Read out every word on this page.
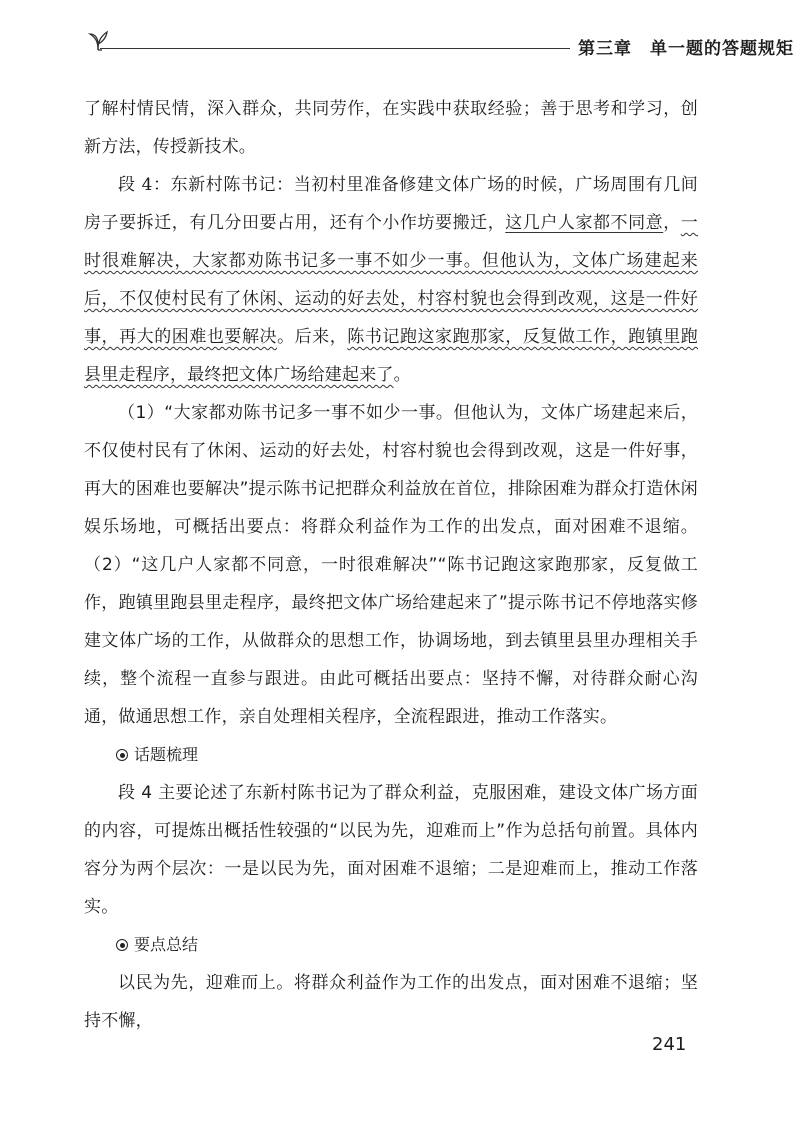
第三章　单一题的答题规矩

了解村情民情，深入群众，共同劳作，在实践中获取经验；善于思考和学习，创新方法，传授新技术。

段 4：东新村陈书记：当初村里准备修建文体广场的时候，广场周围有几间房子要拆迁，有几分田要占用，还有个小作坊要搬迁，这几户人家都不同意，一时很难解决，大家都劝陈书记多一事不如少一事。但他认为，文体广场建起来后，不仅使村民有了休闲、运动的好去处，村容村貌也会得到改观，这是一件好事，再大的困难也要解决。后来，陈书记跑这家跑那家，反复做工作，跑镇里跑县里走程序，最终把文体广场给建起来了。

（1）“大家都劝陈书记多一事不如少一事。但他认为，文体广场建起来后，不仅使村民有了休闲、运动的好去处，村容村貌也会得到改观，这是一件好事，再大的困难也要解决”提示陈书记把群众利益放在首位，排除困难为群众打造休闲娱乐场地，可概括出要点：将群众利益作为工作的出发点，面对困难不退缩。（2）“这几户人家都不同意，一时很难解决”“陈书记跑这家跑那家，反复做工作，跑镇里跑县里走程序，最终把文体广场给建起来了”提示陈书记不停地落实修建文体广场的工作，从做群众的思想工作，协调场地，到去镇里县里办理相关手续，整个流程一直参与跟进。由此可概括出要点：坚持不懈，对待群众耐心沟通，做通思想工作，亲自处理相关程序，全流程跟进，推动工作落实。

话题梳理

段 4 主要论述了东新村陈书记为了群众利益，克服困难，建设文体广场方面的内容，可提炼出概括性较强的“以民为先，迎难而上”作为总括句前置。具体内容分为两个层次：一是以民为先，面对困难不退缩；二是迎难而上，推动工作落实。

要点总结

以民为先，迎难而上。将群众利益作为工作的出发点，面对困难不退缩；坚持不懈，

241
